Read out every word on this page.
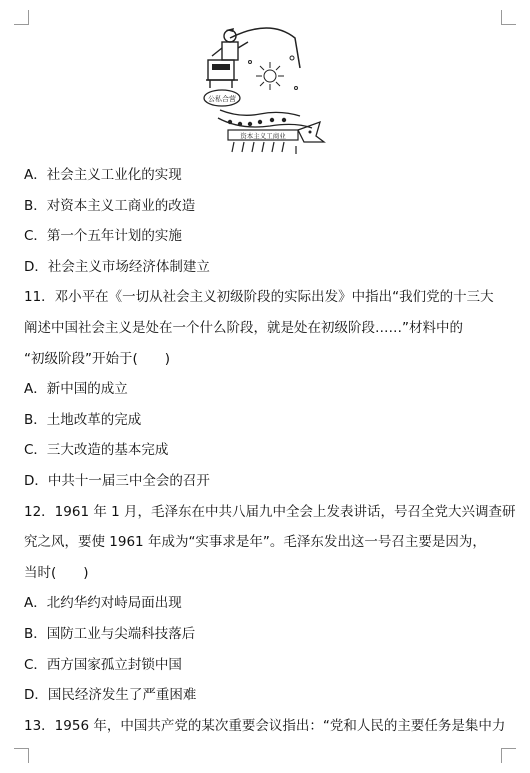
公私合营
资本主义工商业
A．社会主义工业化的实现
B．对资本主义工商业的改造
C．第一个五年计划的实施
D．社会主义市场经济体制建立
11．邓小平在《一切从社会主义初级阶段的实际出发》中指出“我们党的十三大
阐述中国社会主义是处在一个什么阶段，就是处在初级阶段……”材料中的
“初级阶段”开始于(　　)
A．新中国的成立
B．土地改革的完成
C．三大改造的基本完成
D．中共十一届三中全会的召开
12．1961 年 1 月，毛泽东在中共八届九中全会上发表讲话，号召全党大兴调查研
究之风，要使 1961 年成为“实事求是年”。毛泽东发出这一号召主要是因为，
当时(　　)
A．北约华约对峙局面出现
B．国防工业与尖端科技落后
C．西方国家孤立封锁中国
D．国民经济发生了严重困难
13．1956 年，中国共产党的某次重要会议指出：“党和人民的主要任务是集中力
